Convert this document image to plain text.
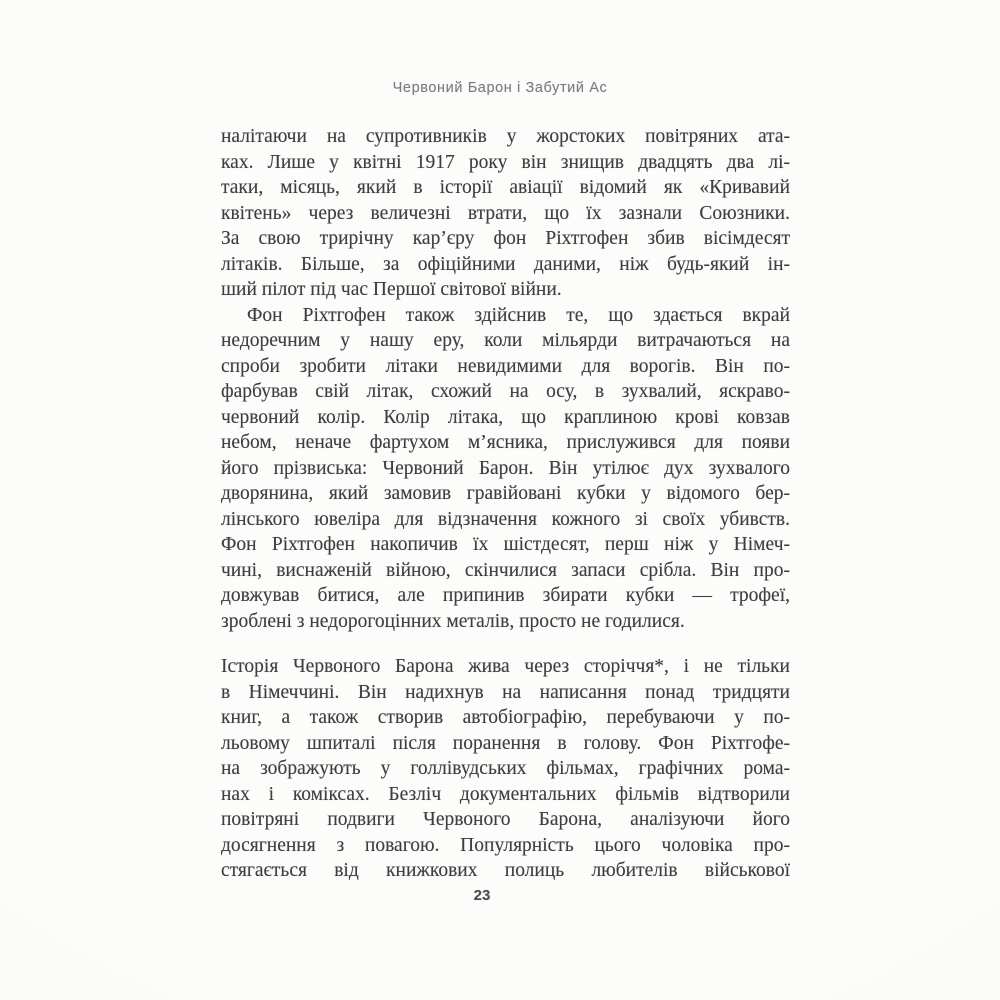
Червоний Барон і Забутий Ас
налітаючи на супротивників у жорстоких повітряних ата-
ках. Лише у квітні 1917 року він знищив двадцять два лі-
таки, місяць, який в історії авіації відомий як «Кривавий
квітень» через величезні втрати, що їх зазнали Союзники.
За свою трирічну кар’єру фон Ріхтгофен збив вісімдесят
літаків. Більше, за офіційними даними, ніж будь-який ін-
ший пілот під час Першої світової війни.
Фон Ріхтгофен також здійснив те, що здається вкрай
недоречним у нашу еру, коли мільярди витрачаються на
спроби зробити літаки невидимими для ворогів. Він по-
фарбував свій літак, схожий на осу, в зухвалий, яскраво-
червоний колір. Колір літака, що краплиною крові ковзав
небом, неначе фартухом м’ясника, прислужився для появи
його прізвиська: Червоний Барон. Він утілює дух зухвалого
дворянина, який замовив гравійовані кубки у відомого бер-
лінського ювеліра для відзначення кожного зі своїх убивств.
Фон Ріхтгофен накопичив їх шістдесят, перш ніж у Німеч-
чині, виснаженій війною, скінчилися запаси срібла. Він про-
довжував битися, але припинив збирати кубки — трофеї,
зроблені з недорогоцінних металів, просто не годилися.
Історія Червоного Барона жива через сторіччя*, і не тільки
в Німеччині. Він надихнув на написання понад тридцяти
книг, а також створив автобіографію, перебуваючи у по-
льовому шпиталі після поранення в голову. Фон Ріхтгофе-
на зображують у голлівудських фільмах, графічних рома-
нах і коміксах. Безліч документальних фільмів відтворили
повітряні подвиги Червоного Барона, аналізуючи його
досягнення з повагою. Популярність цього чоловіка про-
стягається від книжкових полиць любителів військової
23
